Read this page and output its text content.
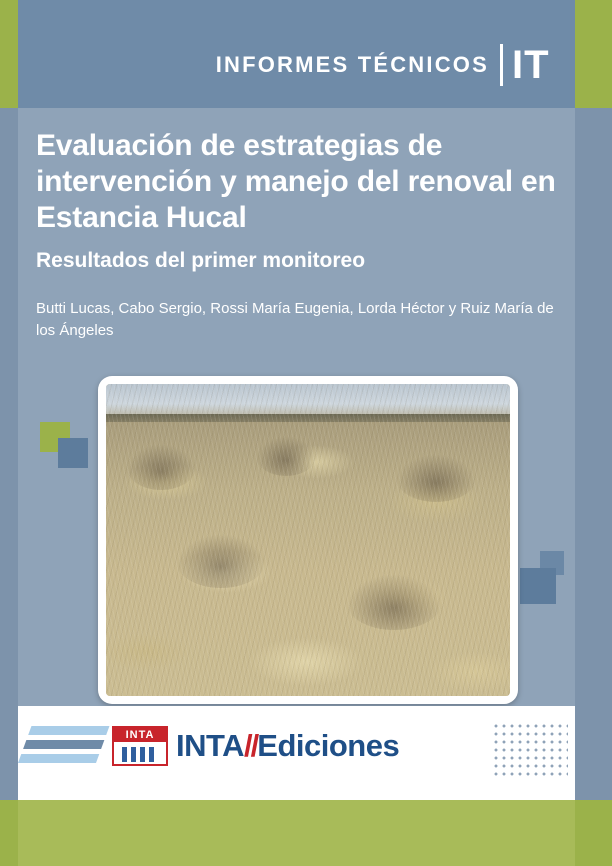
INFORMES TÉCNICOS IT
Evaluación de estrategias de intervención y manejo del renoval en Estancia Hucal
Resultados del primer monitoreo
Butti Lucas, Cabo Sergio, Rossi María Eugenia, Lorda Héctor y Ruiz María de los Ángeles
INTA INTA//Ediciones
